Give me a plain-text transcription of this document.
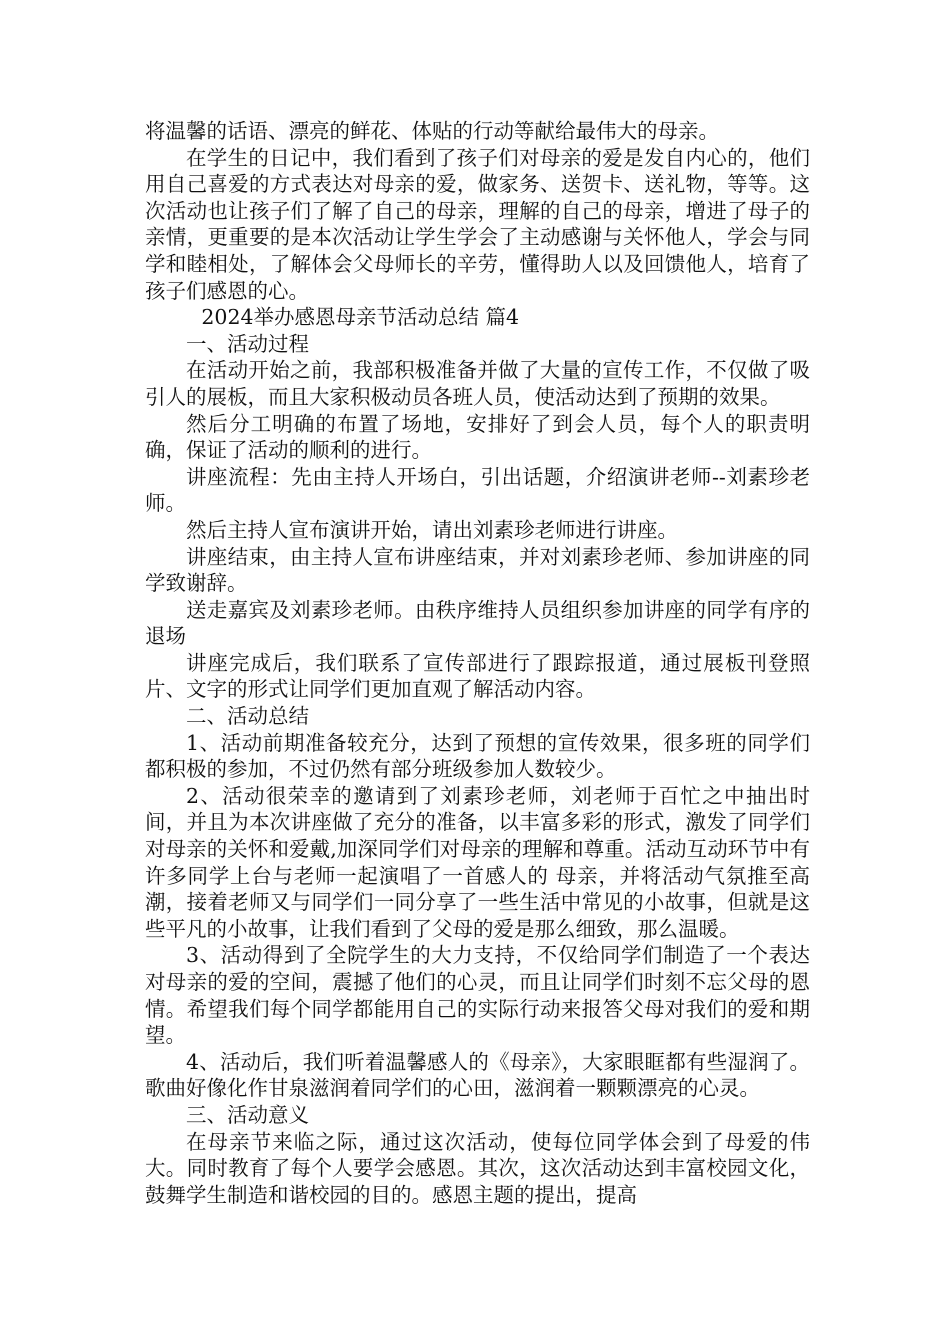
将温馨的话语、漂亮的鲜花、体贴的行动等献给最伟大的母亲。

在学生的日记中，我们看到了孩子们对母亲的爱是发自内心的，他们用自己喜爱的方式表达对母亲的爱，做家务、送贺卡、送礼物，等等。这次活动也让孩子们了解了自己的母亲，理解的自己的母亲，增进了母子的亲情，更重要的是本次活动让学生学会了主动感谢与关怀他人，学会与同学和睦相处，了解体会父母师长的辛劳，懂得助人以及回馈他人，培育了孩子们感恩的心。

2024举办感恩母亲节活动总结 篇4

一、活动过程

在活动开始之前，我部积极准备并做了大量的宣传工作，不仅做了吸引人的展板，而且大家积极动员各班人员，使活动达到了预期的效果。

然后分工明确的布置了场地，安排好了到会人员，每个人的职责明确，保证了活动的顺利的进行。

讲座流程：先由主持人开场白，引出话题，介绍演讲老师--刘素珍老师。

然后主持人宣布演讲开始，请出刘素珍老师进行讲座。

讲座结束，由主持人宣布讲座结束，并对刘素珍老师、参加讲座的同学致谢辞。

送走嘉宾及刘素珍老师。由秩序维持人员组织参加讲座的同学有序的退场

讲座完成后，我们联系了宣传部进行了跟踪报道，通过展板刊登照片、文字的形式让同学们更加直观了解活动内容。

二、活动总结

1、活动前期准备较充分，达到了预想的宣传效果，很多班的同学们都积极的参加，不过仍然有部分班级参加人数较少。

2、活动很荣幸的邀请到了刘素珍老师，刘老师于百忙之中抽出时间，并且为本次讲座做了充分的准备，以丰富多彩的形式，激发了同学们对母亲的关怀和爱戴,加深同学们对母亲的理解和尊重。活动互动环节中有许多同学上台与老师一起演唱了一首感人的 母亲，并将活动气氛推至高潮，接着老师又与同学们一同分享了一些生活中常见的小故事，但就是这些平凡的小故事，让我们看到了父母的爱是那么细致，那么温暖。

3、活动得到了全院学生的大力支持，不仅给同学们制造了一个表达对母亲的爱的空间，震撼了他们的心灵，而且让同学们时刻不忘父母的恩情。希望我们每个同学都能用自己的实际行动来报答父母对我们的爱和期望。

4、活动后，我们听着温馨感人的《母亲》，大家眼眶都有些湿润了。歌曲好像化作甘泉滋润着同学们的心田，滋润着一颗颗漂亮的心灵。

三、活动意义

在母亲节来临之际，通过这次活动，使每位同学体会到了母爱的伟大。同时教育了每个人要学会感恩。其次，这次活动达到丰富校园文化，鼓舞学生制造和谐校园的目的。感恩主题的提出，提高
